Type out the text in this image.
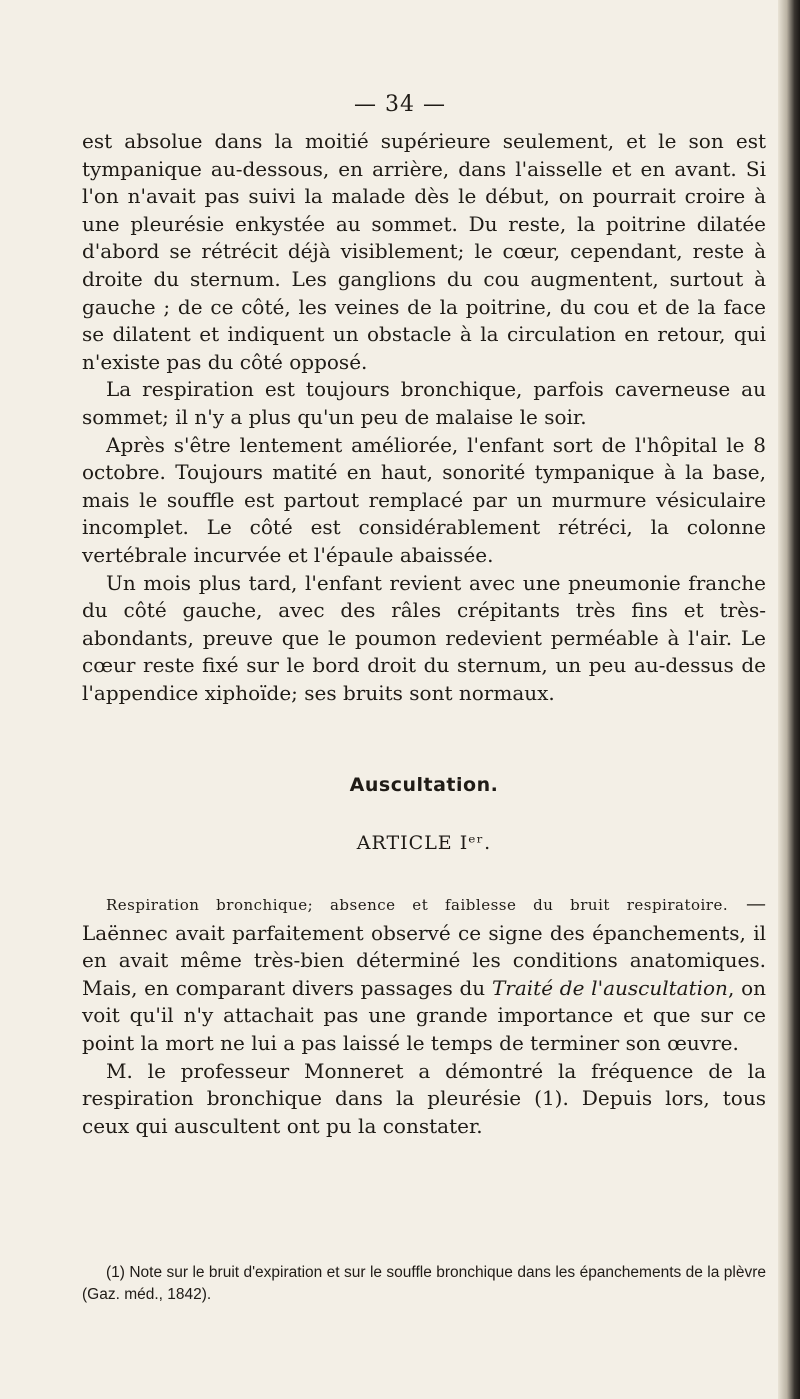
— 34 —

est absolue dans la moitié supérieure seulement, et le son est tympanique au-dessous, en arrière, dans l'aisselle et en avant. Si l'on n'avait pas suivi la malade dès le début, on pourrait croire à une pleurésie enkystée au sommet. Du reste, la poitrine dilatée d'abord se rétrécit déjà visiblement; le cœur, cependant, reste à droite du sternum. Les ganglions du cou augmentent, surtout à gauche ; de ce côté, les veines de la poitrine, du cou et de la face se dilatent et indiquent un obstacle à la circulation en retour, qui n'existe pas du côté opposé.

La respiration est toujours bronchique, parfois caverneuse au sommet; il n'y a plus qu'un peu de malaise le soir.

Après s'être lentement améliorée, l'enfant sort de l'hôpital le 8 octobre. Toujours matité en haut, sonorité tympanique à la base, mais le souffle est partout remplacé par un murmure vésiculaire incomplet. Le côté est considérablement rétréci, la colonne vertébrale incurvée et l'épaule abaissée.

Un mois plus tard, l'enfant revient avec une pneumonie franche du côté gauche, avec des râles crépitants très fins et très-abondants, preuve que le poumon redevient perméable à l'air. Le cœur reste fixé sur le bord droit du sternum, un peu au-dessus de l'appendice xiphoïde; ses bruits sont normaux.

Auscultation.
ARTICLE Iᵉʳ.

Respiration bronchique; absence et faiblesse du bruit respiratoire. — Laënnec avait parfaitement observé ce signe des épanchements, il en avait même très-bien déterminé les conditions anatomiques. Mais, en comparant divers passages du Traité de l'auscultation, on voit qu'il n'y attachait pas une grande importance et que sur ce point la mort ne lui a pas laissé le temps de terminer son œuvre.

M. le professeur Monneret a démontré la fréquence de la respiration bronchique dans la pleurésie (1). Depuis lors, tous ceux qui auscultent ont pu la constater.

(1) Note sur le bruit d'expiration et sur le souffle bronchique dans les épanchements de la plèvre (Gaz. méd., 1842).
